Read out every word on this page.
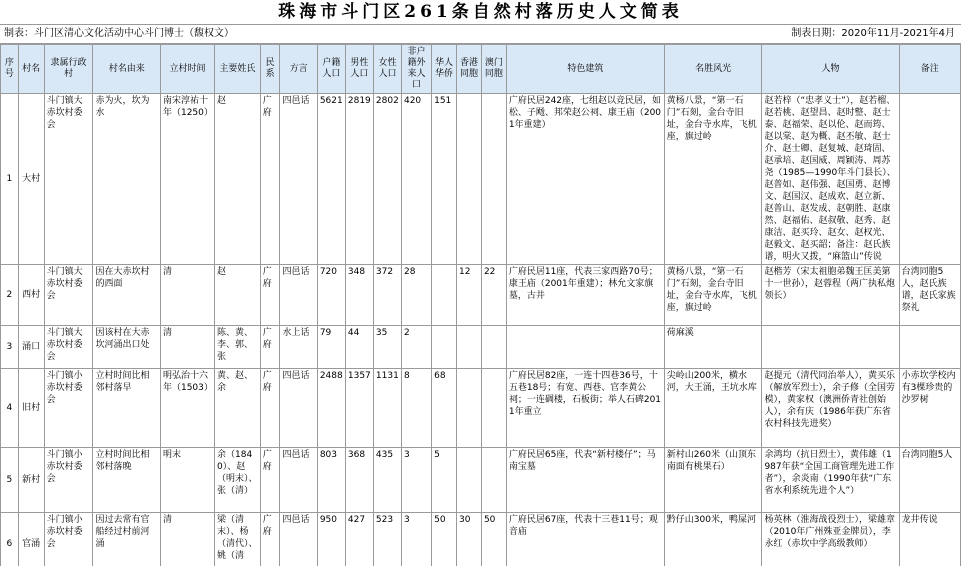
珠海市斗门区261条自然村落历史人文简表
制表：斗门区清心文化活动中心斗门博士（馥权文）	制表日期：2020年11月-2021年4月
序号	村名	隶属行政村	村名由来	立村时间	主要姓氏	民系	方言	户籍人口	男性人口	女性人口	非户籍外来人口	华人华侨	香港同胞	澳门同胞	特色建筑	名胜风光	人物	备注
1	大村	斗门镇大赤坎村委会	赤为火，坎为水	南宋淳祐十年（1250）	赵	广府	四邑话	5621	2819	2802	420	151			广府民居242座，七组赵以竞民居，如松、子飏、邦荣赵公祠、康王庙（2001年重建）	黄杨八景，“第一石门”石刻，金台寺旧址，金台寺水库，飞机座，旗过岭	赵若梓（“忠孝义士”），赵若榴、赵若桃、赵望昌、赵时整、赵士泰、赵福荣、赵以伦、赵而筠、赵以棠、赵为概、赵丕敏、赵士介、赵士卿、赵复城、赵琦固、赵承培、赵国威、周颖涛、周苏尧（1985—1990年斗门县长）、赵普如、赵伟强、赵国勇、赵博文、赵国汉、赵成欢、赵立新、赵普山、赵发成、赵朝胜、赵康然、赵福佑、赵叔敬、赵秀、赵康洁、赵买玲、赵女、赵权光、赵毅文、赵买韶；备注：赵氏族谱，明火又拨，“麻篮山”传说	
2	西村	斗门镇大赤坎村委会	因在大赤坎村的西面	清	赵	广府	四邑话	720	348	372	28		12	22	广府民居11座，代表三家西路70号；康王庙（2001年重建）；林允文家旗墓，古井	黄杨八景，“第一石门”石刻，金台寺旧址，金台寺水库，飞机座，旗过岭	赵楷芳（宋太祖胞弟魏王匡美第十一世孙），赵蓉程（两广执私炮领长）	台湾同胞5人，赵氏族谱，赵氏家族祭礼
3	涌口	斗门镇大赤坎村委会	因该村在大赤坎河涌出口处	清	陈、黄、李、郭、张	广府	水上话	79	44	35	2					荷麻溪		
4	旧村	斗门镇小赤坎村委会	立村时间比相邻村落早	明弘治十六年（1503）	黄、赵、余	广府	四邑话	2488	1357	1131	8	68			广府民居82座，一连十四巷36号，十五巷18号；有宽、西巷、官李黄公祠；一连碉楼，石板街；举人石碑2011年重立	尖岭山200米，横水河，大王涌，王坑水库	赵提元（清代同治举人），黄买乐（解放军烈士），余子修（全国劳模），黄家权（澳洲侨青社创始人），余有庆（1986年获广东省农村科技先进奖）	小赤坎学校内有3棵珍贵的沙罗树
5	新村	斗门镇小赤坎村委会	立村时间比相邻村落晚	明末	余（1840）、赵（明末）、张（清）	广府	四邑话	803	368	435	3	5			广府民居65座，代表“新村楼仔”；马南宝墓	新村山260米（山顶东南面有桃果石）	余鸿均（抗日烈士），黄伟雄（1987年获“全国工商管理先进工作者”），余炎南（1990年获“广东省水利系统先进个人”）	台湾同胞5人
6	官涌	斗门镇小赤坎村委会	因过去常有官船经过村前河涌	清	梁（清末）、杨（清代）、姚（清	广府	四邑话	950	427	523	3	50	30	50	广府民居67座，代表十三巷11号；观音庙	黔仔山300米，鸭屎河	杨英林（淮海战役烈士），梁雄章（2010年广州殊亚金牌员），李永红（赤坎中学高级教师）	龙井传说
